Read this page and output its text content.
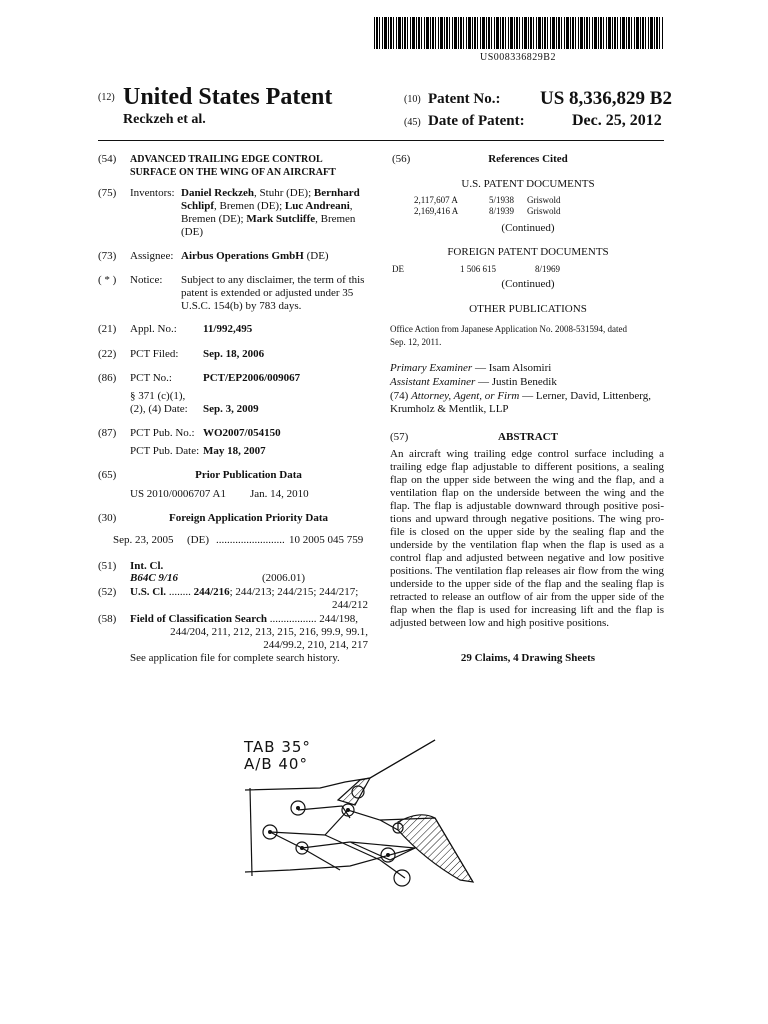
US008336829B2
(12) United States Patent
Reckzeh et al.
(10) Patent No.: US 8,336,829 B2
(45) Date of Patent:	Dec. 25, 2012
(54) ADVANCED TRAILING EDGE CONTROL
SURFACE ON THE WING OF AN AIRCRAFT
(75) Inventors: Daniel Reckzeh, Stuhr (DE); Bernhard
Schlipf, Bremen (DE); Luc Andreani,
Bremen (DE); Mark Sutcliffe, Bremen
(DE)
(73) Assignee: Airbus Operations GmbH (DE)
( * ) Notice: Subject to any disclaimer, the term of this
patent is extended or adjusted under 35
U.S.C. 154(b) by 783 days.
(21) Appl. No.: 11/992,495
(22) PCT Filed: Sep. 18, 2006
(86) PCT No.:	PCT/EP2006/009067
§ 371 (c)(1),
(2), (4) Date: Sep. 3, 2009
(87) PCT Pub. No.: WO2007/054150
PCT Pub. Date: May 18, 2007
(65)	Prior Publication Data
US 2010/0006707 A1 Jan. 14, 2010
(30)	Foreign Application Priority Data
Sep. 23, 2005 (DE) ......................... 10 2005 045 759
(51) Int. Cl.
B64C 9/16	(2006.01)
(52) U.S. Cl. ........ 244/216; 244/213; 244/215; 244/217;
244/212
(58) Field of Classification Search ................. 244/198,
244/204, 211, 212, 213, 215, 216, 99.9, 99.1,
244/99.2, 210, 214, 217
See application file for complete search history.
(56)	References Cited
U.S. PATENT DOCUMENTS
2,117,607 A	5/1938 Griswold
2,169,416 A	8/1939 Griswold
(Continued)
FOREIGN PATENT DOCUMENTS
DE	1 506 615	8/1969
(Continued)
OTHER PUBLICATIONS
Office Action from Japanese Application No. 2008-531594, dated
Sep. 12, 2011.
Primary Examiner — Isam Alsomiri
Assistant Examiner — Justin Benedik
(74) Attorney, Agent, or Firm — Lerner, David, Littenberg,
Krumholz & Mentlik, LLP
(57)	ABSTRACT
An aircraft wing trailing edge control surface including a
trailing edge flap adjustable to different positions, a sealing
flap on the upper side between the wing and the flap, and a
ventilation flap on the underside between the wing and the
flap. The flap is adjustable downward through positive posi-
tions and upward through negative positions. The wing pro-
file is closed on the upper side by the sealing flap and the
underside by the ventilation flap when the flap is used as a
control flap and adjusted between negative and low positive
positions. The ventilation flap releases air flow from the wing
underside to the upper side of the flap and the sealing flap is
retracted to release an outflow of air from the upper side of the
flap when the flap is used for increasing lift and the flap is
adjusted between low and high positive positions.
29 Claims, 4 Drawing Sheets
TAB 35°
A/B 40°
